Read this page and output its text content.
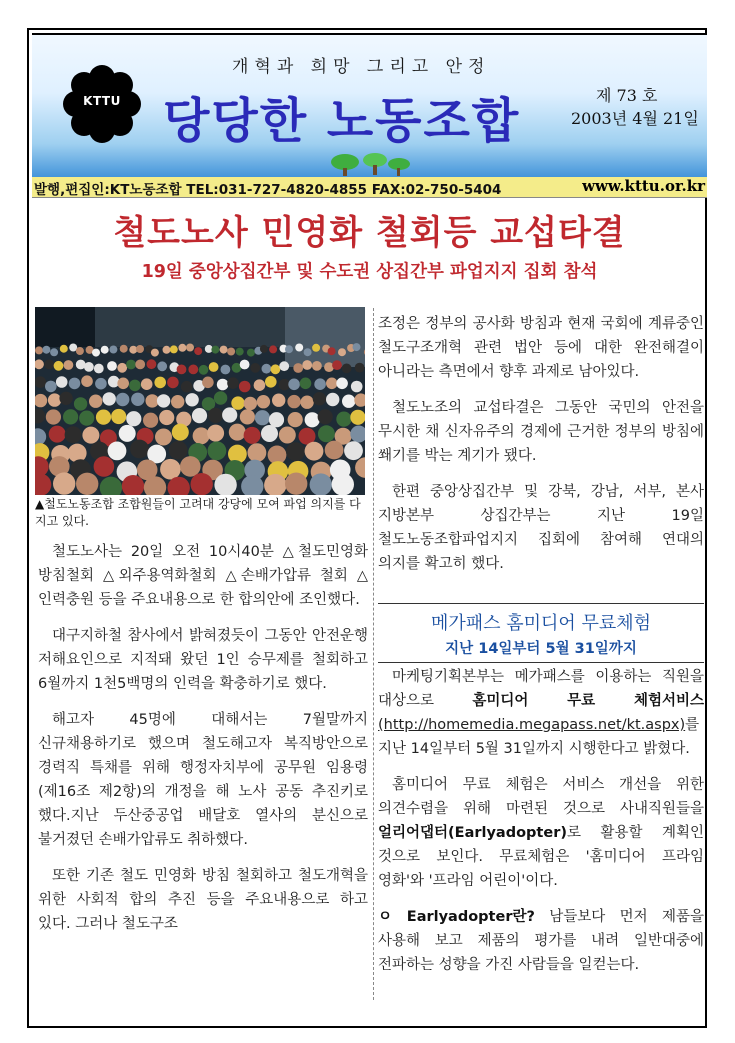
KTTU
개혁과 희망 그리고 안정
당당한 노동조합	제 73 호
2003년 4월 21일
발행,편집인:KT노동조합 TEL:031-727-4820-4855 FAX:02-750-5404	www.kttu.or.kr
철도노사 민영화 철회등 교섭타결
19일 중앙상집간부 및 수도권 상집간부 파업지지 집회 참석
▲철도노동조합 조합원들이 고려대 강당에 모여 파업 의지를 다지고 있다.

철도노사는 20일 오전 10시40분 △철도민영화 방침철회 △외주용역화철회 △손배가압류 철회 △인력충원 등을 주요내용으로 한 합의안에 조인했다.

대구지하철 참사에서 밝혀졌듯이 그동안 안전운행 저해요인으로 지적돼 왔던 1인 승무제를 철회하고 6월까지 1천5백명의 인력을 확충하기로 했다.

해고자 45명에 대해서는 7월말까지 신규채용하기로 했으며 철도해고자 복직방안으로 경력직 특채를 위해 행정자치부에 공무원 임용령(제16조 제2항)의 개정을 해 노사 공동 추진키로 했다.지난 두산중공업 배달호 열사의 분신으로 불거졌던 손배가압류도 취하했다.

또한 기존 철도 민영화 방침 철회하고 철도개혁을 위한 사회적 합의 추진 등을 주요내용으로 하고 있다. 그러나 철도구조

조정은 정부의 공사화 방침과 현재 국회에 계류중인 철도구조개혁 관련 법안 등에 대한 완전해결이 아니라는 측면에서 향후 과제로 남아있다.

철도노조의 교섭타결은 그동안 국민의 안전을 무시한 채 신자유주의 경제에 근거한 정부의 방침에 쐐기를 박는 계기가 됐다.

한편 중앙상집간부 및 강북, 강남, 서부, 본사 지방본부 상집간부는 지난 19일 철도노동조합파업지지 집회에 참여해 연대의 의지를 확고히 했다.

메가패스 홈미디어 무료체험
지난 14일부터 5월 31일까지

마케팅기획본부는 메가패스를 이용하는 직원을 대상으로 홈미디어 무료 체험서비스(http://homemedia.megapass.net/kt.aspx)를 지난 14일부터 5월 31일까지 시행한다고 밝혔다.

홈미디어 무료 체험은 서비스 개선을 위한 의견수렴을 위해 마련된 것으로 사내직원들을 얼리어댑터(Earlyadopter)로 활용할 계획인 것으로 보인다. 무료체험은 '홈미디어 프라임 영화'와 '프라임 어린이'이다.

ㅇ Earlyadopter란? 남들보다 먼저 제품을 사용해 보고 제품의 평가를 내려 일반대중에 전파하는 성향을 가진 사람들을 일컫는다.
